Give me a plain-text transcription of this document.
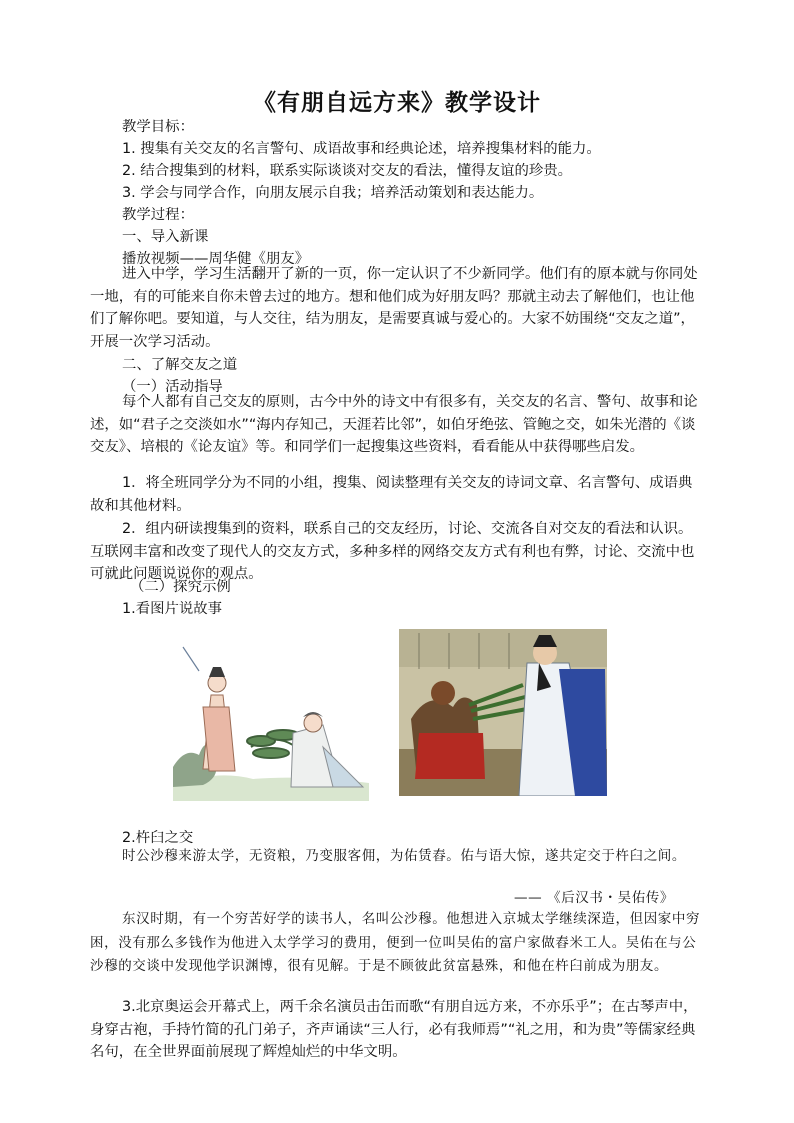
《有朋自远方来》教学设计
教学目标：
1. 搜集有关交友的名言警句、成语故事和经典论述，培养搜集材料的能力。
2. 结合搜集到的材料，联系实际谈谈对交友的看法，懂得友谊的珍贵。
3. 学会与同学合作，向朋友展示自我；培养活动策划和表达能力。
教学过程：
一、导入新课
播放视频——周华健《朋友》
进入中学，学习生活翻开了新的一页，你一定认识了不少新同学。他们有的原本就与你同处一地，有的可能来自你未曾去过的地方。想和他们成为好朋友吗？那就主动去了解他们，也让他们了解你吧。要知道，与人交往，结为朋友，是需要真诚与爱心的。大家不妨围绕“交友之道”，开展一次学习活动。
二、了解交友之道
（一）活动指导
每个人都有自己交友的原则，古今中外的诗文中有很多有，关交友的名言、警句、故事和论述，如“君子之交淡如水”“海内存知己，天涯若比邻”，如伯牙绝弦、管鲍之交，如朱光潜的《谈交友》、培根的《论友谊》等。和同学们一起搜集这些资料，看看能从中获得哪些启发。
1．将全班同学分为不同的小组，搜集、阅读整理有关交友的诗词文章、名言警句、成语典故和其他材料。
2．组内研读搜集到的资料，联系自己的交友经历，讨论、交流各自对交友的看法和认识。互联网丰富和改变了现代人的交友方式，多种多样的网络交友方式有利也有弊，讨论、交流中也可就此问题说说你的观点。
（二）探究示例
1.看图片说故事
2.杵臼之交
时公沙穆来游太学，无资粮，乃变服客佣，为佑赁舂。佑与语大惊，遂共定交于杵臼之间。
—— 《后汉书・吴佑传》
东汉时期，有一个穷苦好学的读书人，名叫公沙穆。他想进入京城太学继续深造，但因家中穷困，没有那么多钱作为他进入太学学习的费用，便到一位叫吴佑的富户家做舂米工人。吴佑在与公沙穆的交谈中发现他学识渊博，很有见解。于是不顾彼此贫富悬殊，和他在杵臼前成为朋友。
3.北京奥运会开幕式上，两千余名演员击缶而歌“有朋自远方来，不亦乐乎”；在古琴声中，身穿古袍，手持竹简的孔门弟子，齐声诵读“三人行，必有我师焉”“礼之用，和为贵”等儒家经典名句，在全世界面前展现了辉煌灿烂的中华文明。
